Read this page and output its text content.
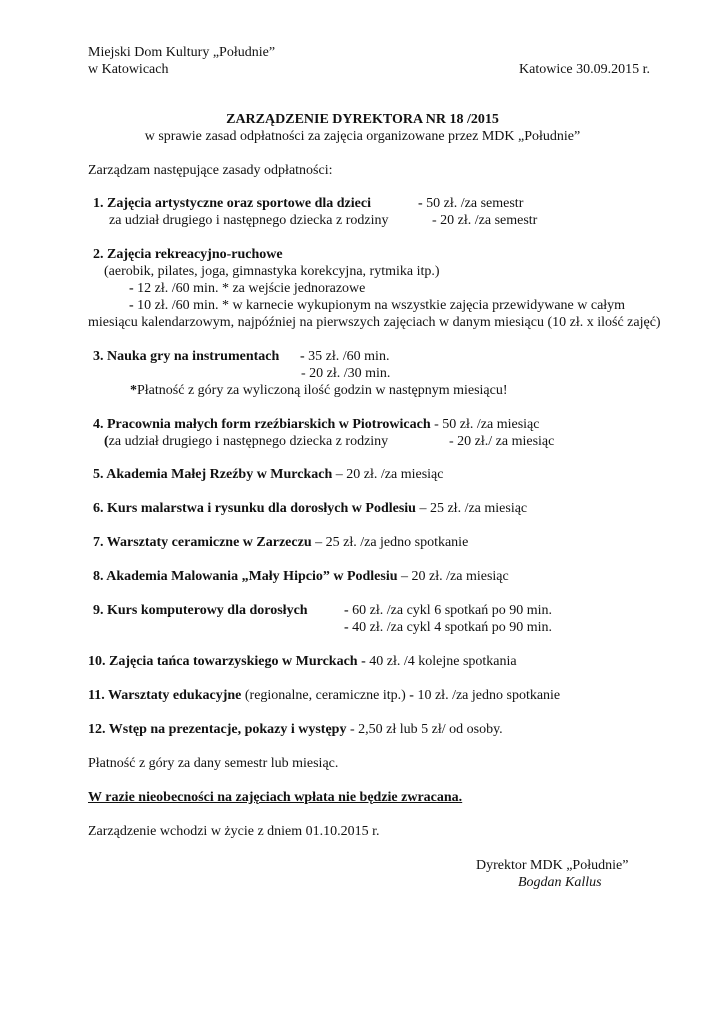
Miejski Dom Kultury „Południe”
w Katowicach	Katowice 30.09.2015 r.
ZARZĄDZENIE DYREKTORA NR 18 /2015
w sprawie zasad odpłatności za zajęcia organizowane przez MDK „Południe”
Zarządzam następujące zasady odpłatności:
1. Zajęcia artystyczne oraz sportowe dla dzieci	- 50 zł. /za semestr
za udział drugiego i następnego dziecka z rodziny	- 20 zł. /za semestr
2. Zajęcia rekreacyjno-ruchowe
(aerobik, pilates, joga, gimnastyka korekcyjna, rytmika itp.)
- 12 zł. /60 min. * za wejście jednorazowe
- 10 zł. /60 min. * w karnecie wykupionym na wszystkie zajęcia przewidywane w całym
miesiącu kalendarzowym, najpóźniej na pierwszych zajęciach w danym miesiącu (10 zł. x ilość zajęć)
3. Nauka gry na instrumentach - 35 zł. /60 min.
- 20 zł. /30 min.
*Płatność z góry za wyliczoną ilość godzin w następnym miesiącu!
4. Pracownia małych form rzeźbiarskich w Piotrowicach - 50 zł. /za miesiąc
(za udział drugiego i następnego dziecka z rodziny	- 20 zł./ za miesiąc
5. Akademia Małej Rzeźby w Murckach – 20 zł. /za miesiąc
6. Kurs malarstwa i rysunku dla dorosłych w Podlesiu – 25 zł. /za miesiąc
7. Warsztaty ceramiczne w Zarzeczu – 25 zł. /za jedno spotkanie
8. Akademia Malowania „Mały Hipcio” w Podlesiu – 20 zł. /za miesiąc
9. Kurs komputerowy dla dorosłych	- 60 zł. /za cykl 6 spotkań po 90 min.
- 40 zł. /za cykl 4 spotkań po 90 min.
10. Zajęcia tańca towarzyskiego w Murckach - 40 zł. /4 kolejne spotkania
11. Warsztaty edukacyjne (regionalne, ceramiczne itp.) - 10 zł. /za jedno spotkanie
12. Wstęp na prezentacje, pokazy i występy - 2,50 zł lub 5 zł/ od osoby.
Płatność z góry za dany semestr lub miesiąc.
W razie nieobecności na zajęciach wpłata nie będzie zwracana.
Zarządzenie wchodzi w życie z dniem 01.10.2015 r.
Dyrektor MDK „Południe”
Bogdan Kallus
